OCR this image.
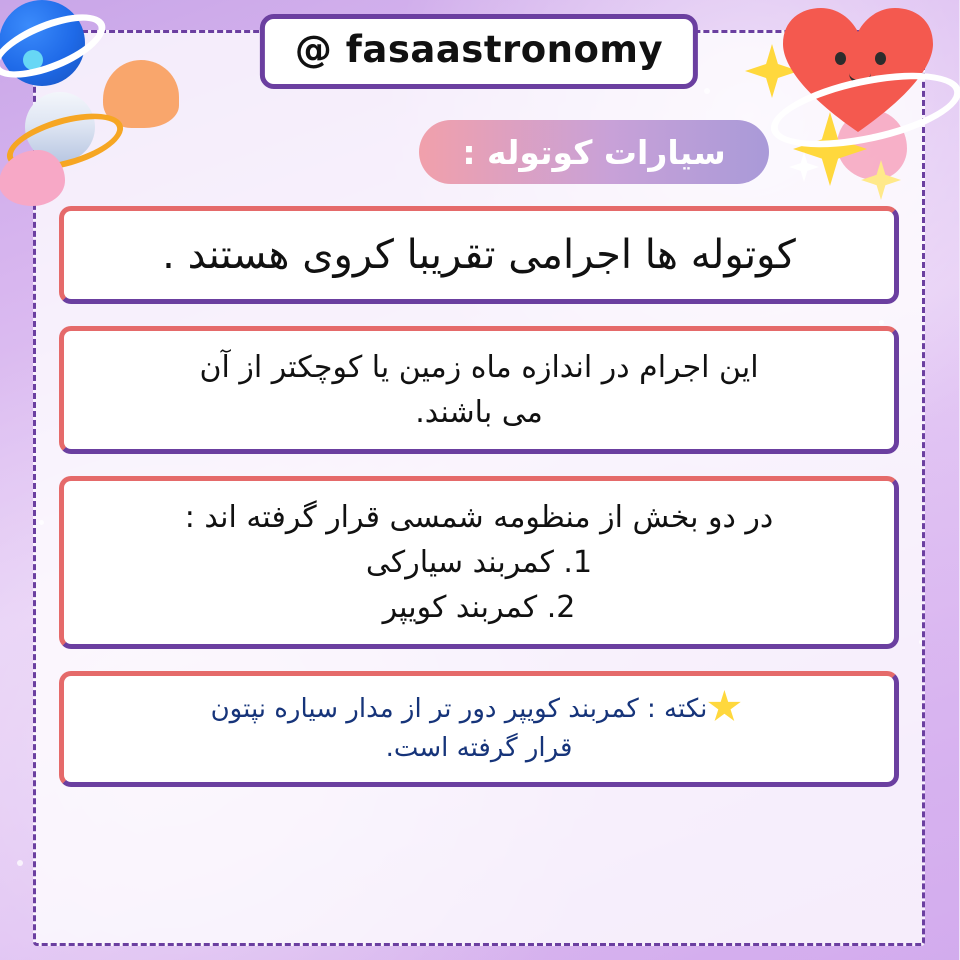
@ fasaastronomy
سیارات کوتوله :
کوتوله ها اجرامی تقریبا کروی هستند .
این اجرام در اندازه ماه زمین یا کوچکتر از آن
می باشند.
در دو بخش از منظومه شمسی قرار گرفته اند :
1. کمربند سیارکی
2. کمربند کویپر
نکته : کمربند کویپر دور تر از مدار سیاره نپتون
قرار گرفته است.
